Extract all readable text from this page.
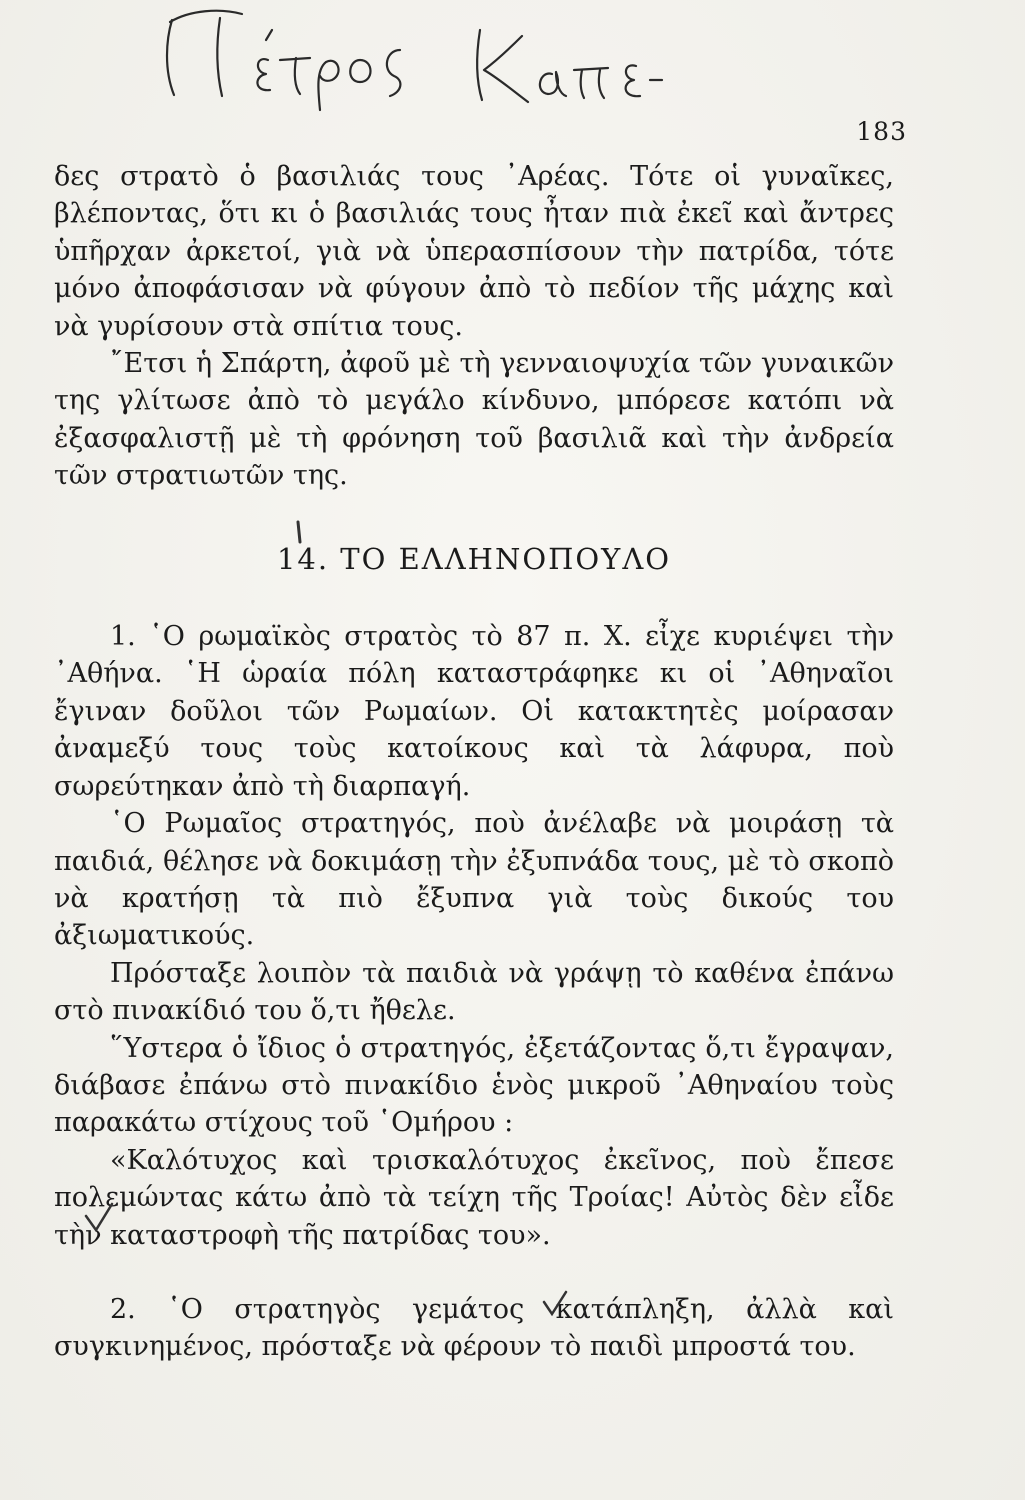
183

δες στρατὸ ὁ βασιλιάς τους ᾿Αρέας. Τότε οἱ γυναῖκες, βλέποντας, ὅτι κι ὁ βασιλιάς τους ἦταν πιὰ ἐκεῖ καὶ ἄντρες ὑπῆρχαν ἀρκετοί, γιὰ νὰ ὑπερασπίσουν τὴν πατρίδα, τότε μόνο ἀποφάσισαν νὰ φύγουν ἀπὸ τὸ πεδίον τῆς μάχης καὶ νὰ γυρίσουν στὰ σπίτια τους.

῎Ετσι ἡ Σπάρτη, ἀφοῦ μὲ τὴ γενναιοψυχία τῶν γυναικῶν της γλίτωσε ἀπὸ τὸ μεγάλο κίνδυνο, μπόρεσε κατόπι νὰ ἐξασφαλιστῇ μὲ τὴ φρόνηση τοῦ βασιλιᾶ καὶ τὴν ἀνδρεία τῶν στρατιωτῶν της.

14. ΤΟ ΕΛΛΗΝΟΠΟΥΛΟ

1. ῾Ο ρωμαϊκὸς στρατὸς τὸ 87 π. Χ. εἶχε κυριέψει τὴν ᾿Αθήνα. ῾Η ὡραία πόλη καταστράφηκε κι οἱ ᾿Αθηναῖοι ἔγιναν δοῦλοι τῶν Ρωμαίων. Οἱ κατακτητὲς μοίρασαν ἀναμεξύ τους τοὺς κατοίκους καὶ τὰ λάφυρα, ποὺ σωρεύτηκαν ἀπὸ τὴ διαρπαγή.

῾Ο Ρωμαῖος στρατηγός, ποὺ ἀνέλαβε νὰ μοιράσῃ τὰ παιδιά, θέλησε νὰ δοκιμάσῃ τὴν ἐξυπνάδα τους, μὲ τὸ σκοπὸ νὰ κρατήσῃ τὰ πιὸ ἔξυπνα γιὰ τοὺς δικούς του ἀξιωματικούς.

Πρόσταξε λοιπὸν τὰ παιδιὰ νὰ γράψῃ τὸ καθένα ἐπάνω στὸ πινακίδιό του ὅ,τι ἤθελε.

῞Υστερα ὁ ἴδιος ὁ στρατηγός, ἐξετάζοντας ὅ,τι ἔγραψαν, διάβασε ἐπάνω στὸ πινακίδιο ἑνὸς μικροῦ ᾿Αθηναίου τοὺς παρακάτω στίχους τοῦ ῾Ομήρου :

«Καλότυχος καὶ τρισκαλότυχος ἐκεῖνος, ποὺ ἔπεσε πολεμώντας κάτω ἀπὸ τὰ τείχη τῆς Τροίας! Αὐτὸς δὲν εἶδε τὴν καταστροφὴ τῆς πατρίδας του».

2. ῾Ο στρατηγὸς γεμάτος κατάπληξη, ἀλλὰ καὶ συγκινημένος, πρόσταξε νὰ φέρουν τὸ παιδὶ μπροστά του.
